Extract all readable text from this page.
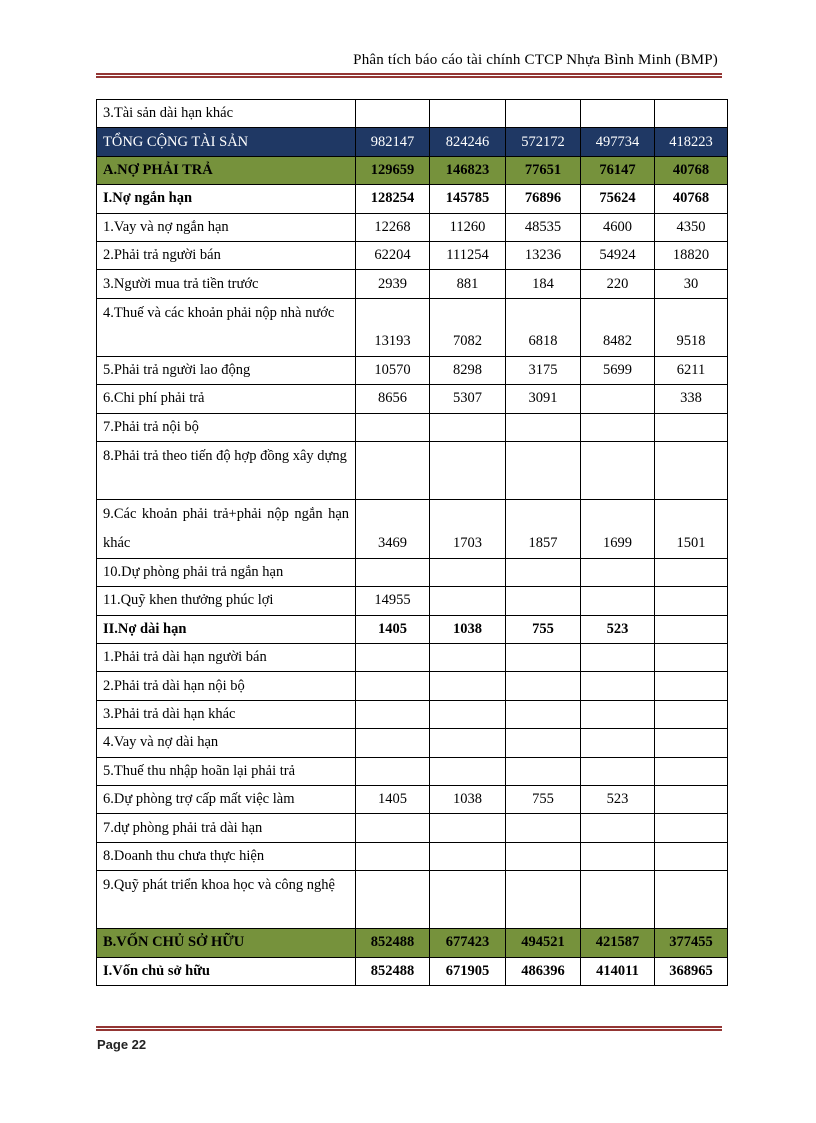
Phân tích báo cáo tài chính CTCP Nhựa Bình Minh (BMP)
3.Tài sản dài hạn khác					
TỔNG CỘNG TÀI SẢN	982147	824246	572172	497734	418223
A.NỢ PHẢI TRẢ	129659	146823	77651	76147	40768
I.Nợ ngắn hạn	128254	145785	76896	75624	40768
1.Vay và nợ ngắn hạn	12268	11260	48535	4600	4350
2.Phải trả người bán	62204	111254	13236	54924	18820
3.Người mua trả tiền trước	2939	881	184	220	30
4.Thuế và các khoản phải nộp nhà nước	13193	7082	6818	8482	9518
5.Phải trả người lao động	10570	8298	3175	5699	6211
6.Chi phí phải trả	8656	5307	3091		338
7.Phải trả nội bộ					
8.Phải trả theo tiến độ hợp đồng xây dựng					
9.Các khoản phải trả+phải nộp ngắn hạn khác	3469	1703	1857	1699	1501
10.Dự phòng phải trả ngắn hạn					
11.Quỹ khen thưởng phúc lợi	14955				
II.Nợ dài hạn	1405	1038	755	523	
1.Phải trả dài hạn người bán					
2.Phải trả dài hạn nội bộ					
3.Phải trả dài hạn khác					
4.Vay và nợ dài hạn					
5.Thuế thu nhập hoãn lại phải trả					
6.Dự phòng trợ cấp mất việc làm	1405	1038	755	523	
7.dự phòng phải trả dài hạn					
8.Doanh thu chưa thực hiện					
9.Quỹ phát triển khoa học và công nghệ					
B.VỐN CHỦ SỞ HỮU	852488	677423	494521	421587	377455
I.Vốn chủ sở hữu	852488	671905	486396	414011	368965
Page 22
